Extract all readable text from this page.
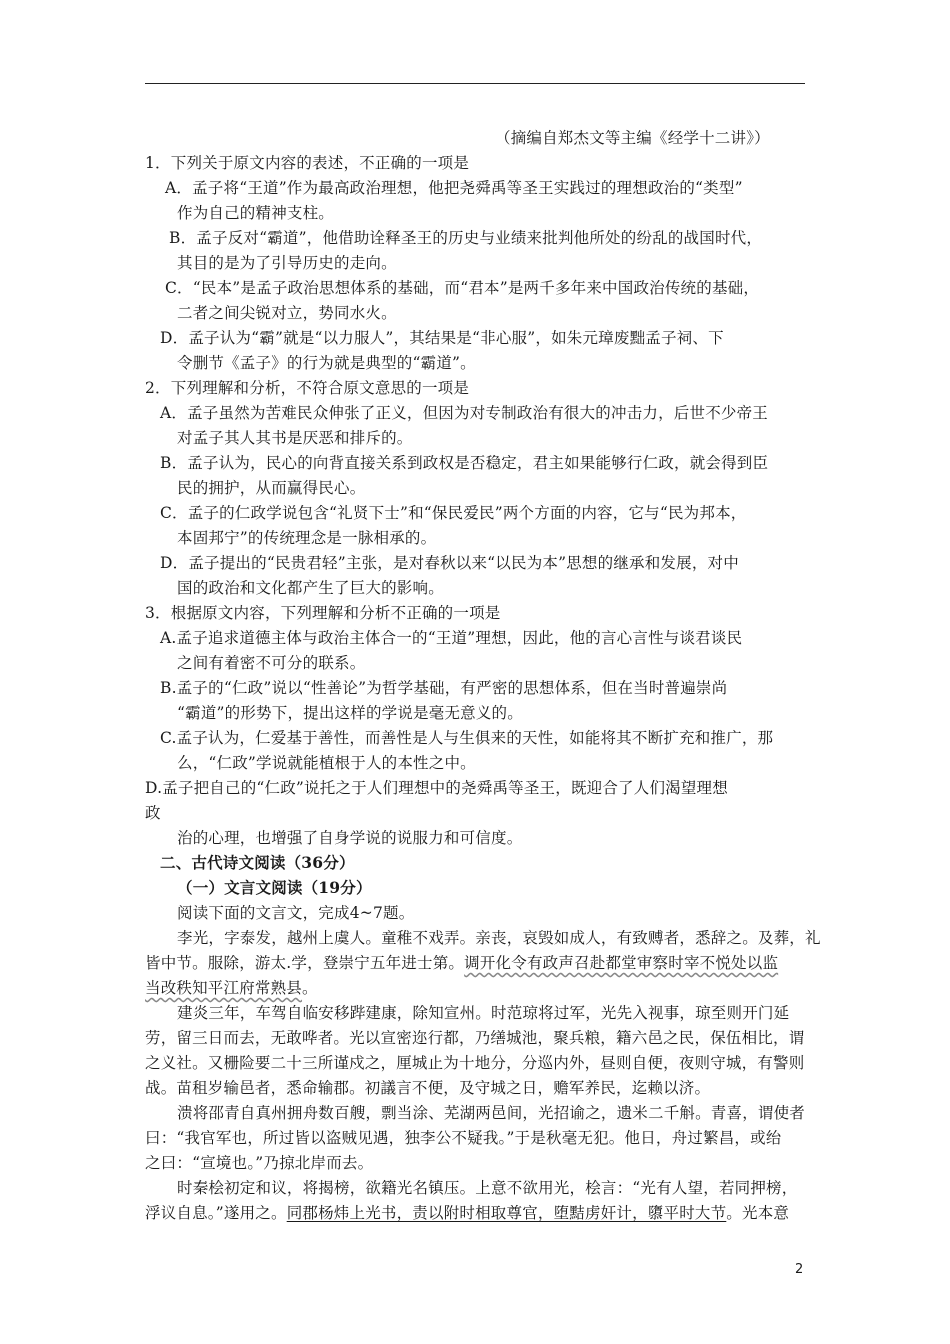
（摘编自郑杰文等主编《经学十二讲》）
1．下列关于原文内容的表述，不正确的一项是
A．孟子将“王道”作为最高政治理想，他把尧舜禹等圣王实践过的理想政治的“类型”
作为自己的精神支柱。
B．孟子反对“霸道”，他借助诠释圣王的历史与业绩来批判他所处的纷乱的战国时代，
其目的是为了引导历史的走向。
C．“民本”是孟子政治思想体系的基础，而“君本”是两千多年来中国政治传统的基础，
二者之间尖锐对立，势同水火。
D．孟子认为“霸”就是“以力服人”，其结果是“非心服”，如朱元璋废黜孟子祠、下
令删节《孟子》的行为就是典型的“霸道”。
2．下列理解和分析，不符合原文意思的一项是
A．孟子虽然为苦难民众伸张了正义，但因为对专制政治有很大的冲击力，后世不少帝王
对孟子其人其书是厌恶和排斥的。
B．孟子认为，民心的向背直接关系到政权是否稳定，君主如果能够行仁政，就会得到臣
民的拥护，从而赢得民心。
C．孟子的仁政学说包含“礼贤下士”和“保民爱民”两个方面的内容，它与“民为邦本，
本固邦宁”的传统理念是一脉相承的。
D．孟子提出的“民贵君轻”主张，是对春秋以来“以民为本”思想的继承和发展，对中
国的政治和文化都产生了巨大的影响。
3．根据原文内容，下列理解和分析不正确的一项是
A.孟子追求道德主体与政治主体合一的“王道”理想，因此，他的言心言性与谈君谈民
之间有着密不可分的联系。
B.孟子的“仁政”说以“性善论”为哲学基础，有严密的思想体系，但在当时普遍崇尚
“霸道”的形势下，提出这样的学说是毫无意义的。
C.孟子认为，仁爱基于善性，而善性是人与生俱来的天性，如能将其不断扩充和推广，那
么，“仁政”学说就能植根于人的本性之中。
D.孟子把自己的“仁政”说托之于人们理想中的尧舜禹等圣王，既迎合了人们渴望理想
政
治的心理，也增强了自身学说的说服力和可信度。
二、古代诗文阅读（36分）
（一）文言文阅读（19分）
阅读下面的文言文，完成4~7题。
李光，字泰发，越州上虞人。童稚不戏弄。亲丧，哀毁如成人，有致赙者，悉辞之。及葬，礼
皆中节。服除，游太.学，登崇宁五年进士第。调开化令有政声召赴都堂审察时宰不悦处以监
当改秩知平江府常熟县。
建炎三年，车驾自临安移跸建康，除知宣州。时范琼将过军，光先入视事，琼至则开门延
劳，留三日而去，无敢哗者。光以宣密迩行都，乃缮城池，聚兵粮，籍六邑之民，保伍相比，谓
之义社。又栅险要二十三所谨戍之，厘城止为十地分，分巡内外，昼则自便，夜则守城，有警则
战。苗租岁输邑者，悉命输郡。初議言不便，及守城之日，赡军养民，迄赖以济。
溃将邵青自真州拥舟数百艘，剽当涂、芜湖两邑间，光招谕之，遗米二千斛。青喜，谓使者
曰：“我官军也，所过皆以盗贼见遇，独李公不疑我。”于是秋毫无犯。他日，舟过繁昌，或绐
之曰：“宣境也。”乃掠北岸而去。
时秦桧初定和议，将揭榜，欲籍光名镇压。上意不欲用光，桧言：“光有人望，若同押榜，
浮议自息。”遂用之。同郡杨炜上光书，责以附时相取尊官，堕黠虏奸计，隳平时大节。光本意
2
